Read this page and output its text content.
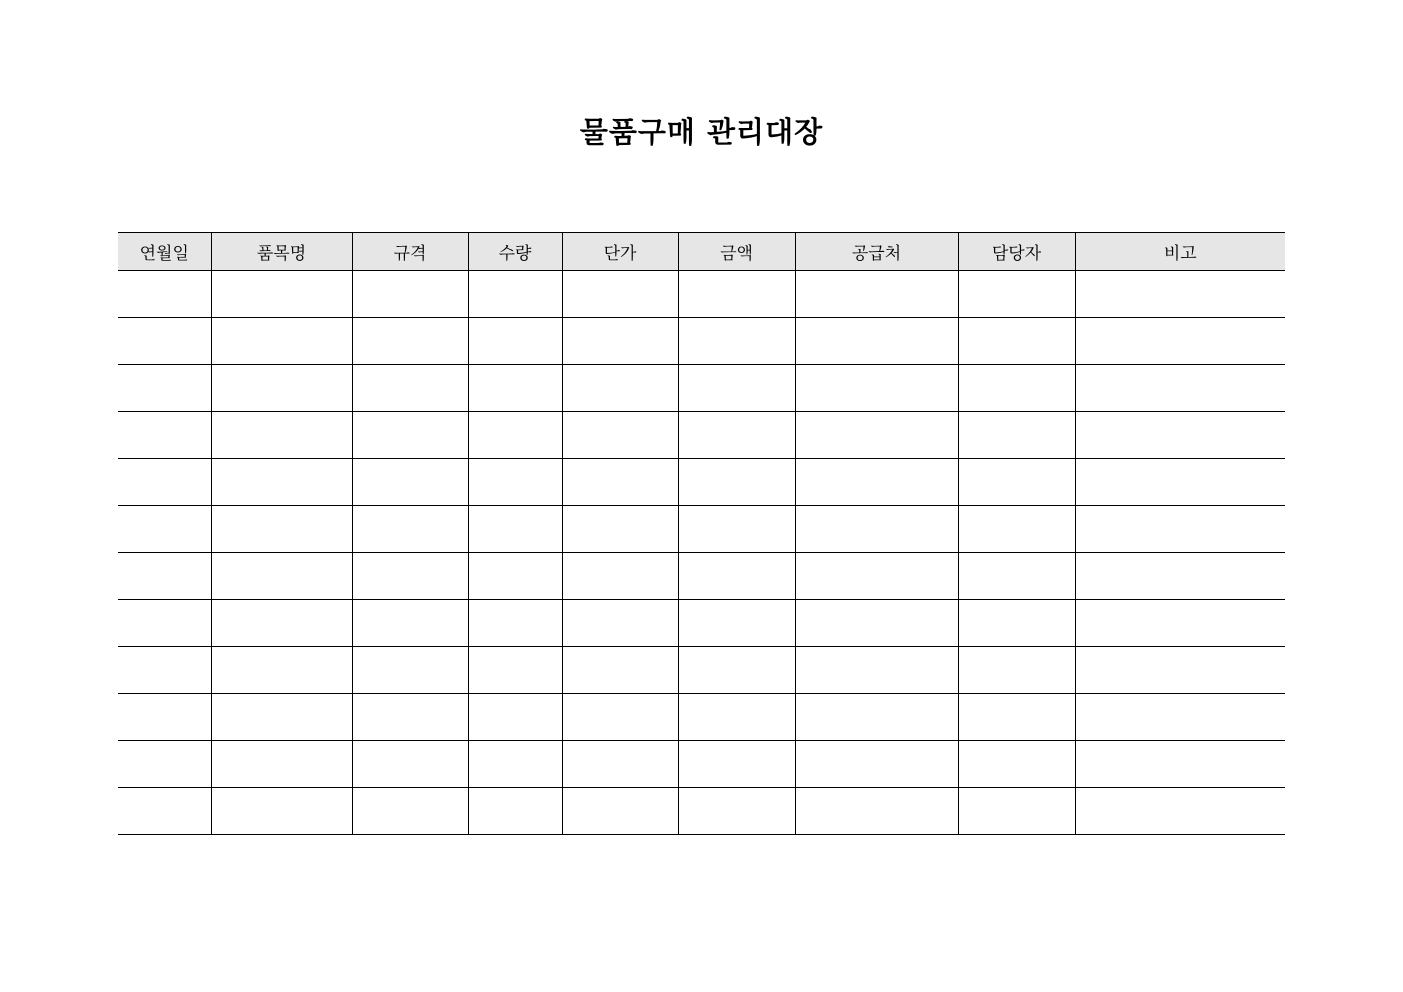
물품구매 관리대장
연월일	품목명	규격	수량	단가	금액	공급처	담당자	비고
